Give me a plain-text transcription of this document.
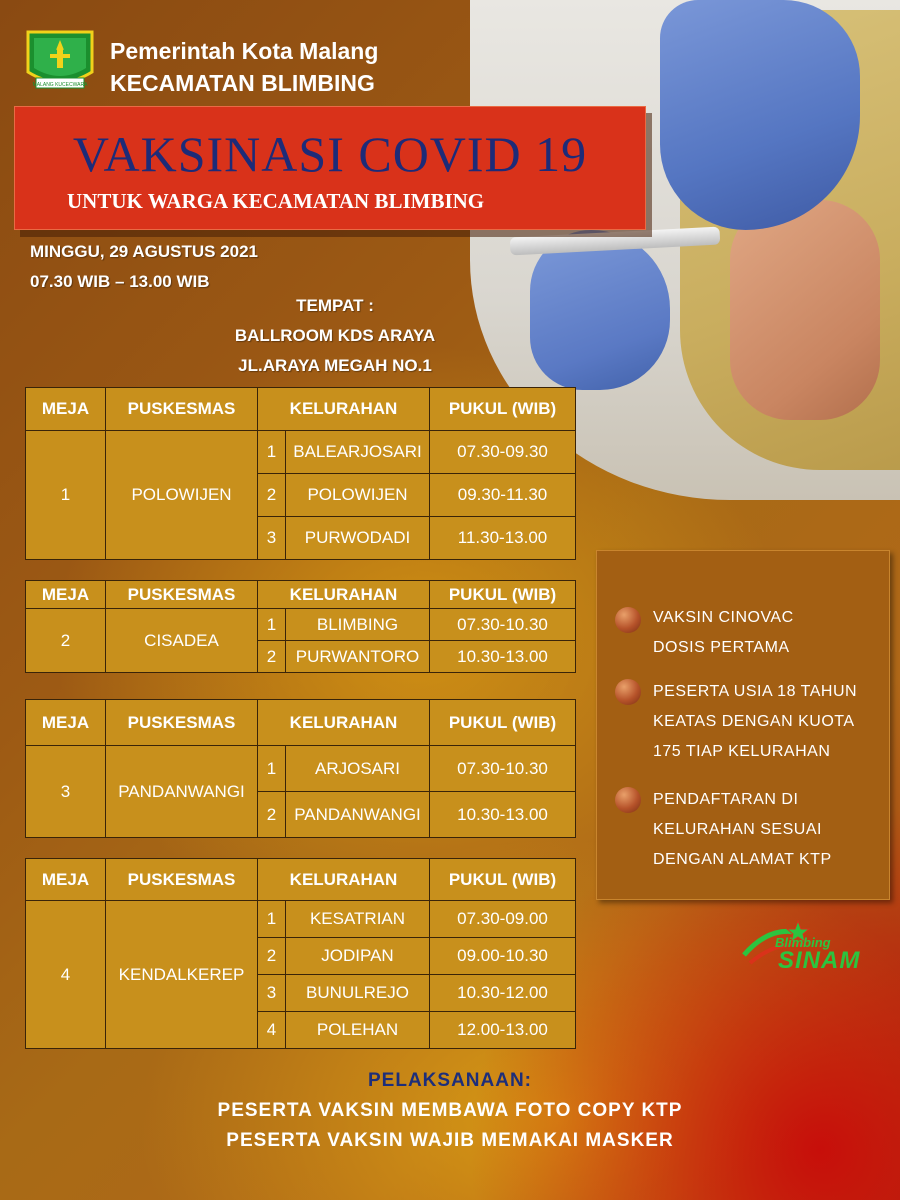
MALANG KUCECWARA
Pemerintah Kota Malang
KECAMATAN BLIMBING
VAKSINASI COVID 19
UNTUK WARGA KECAMATAN BLIMBING
MINGGU, 29 AGUSTUS 2021
07.30 WIB – 13.00 WIB
TEMPAT :
BALLROOM KDS ARAYA
JL.ARAYA MEGAH NO.1
MEJA	PUSKESMAS	KELURAHAN		PUKUL (WIB)
1	POLOWIJEN	1	BALEARJOSARI	07.30-09.30
		2	POLOWIJEN	09.30-11.30
		3	PURWODADI	11.30-13.00
MEJA	PUSKESMAS	KELURAHAN		PUKUL (WIB)
2	CISADEA	1	BLIMBING	07.30-10.30
		2	PURWANTORO	10.30-13.00
MEJA	PUSKESMAS	KELURAHAN		PUKUL (WIB)
3	PANDANWANGI	1	ARJOSARI	07.30-10.30
		2	PANDANWANGI	10.30-13.00
MEJA	PUSKESMAS	KELURAHAN		PUKUL (WIB)
4	KENDALKEREP	1	KESATRIAN	07.30-09.00
		2	JODIPAN	09.00-10.30
		3	BUNULREJO	10.30-12.00
		4	POLEHAN	12.00-13.00
VAKSIN CINOVAC
DOSIS PERTAMA
PESERTA USIA 18 TAHUN
KEATAS DENGAN KUOTA
175 TIAP KELURAHAN
PENDAFTARAN DI
KELURAHAN SESUAI
DENGAN ALAMAT KTP
Blimbing
SINAM
PELAKSANAAN:
PESERTA VAKSIN MEMBAWA FOTO COPY KTP
PESERTA VAKSIN WAJIB MEMAKAI MASKER
